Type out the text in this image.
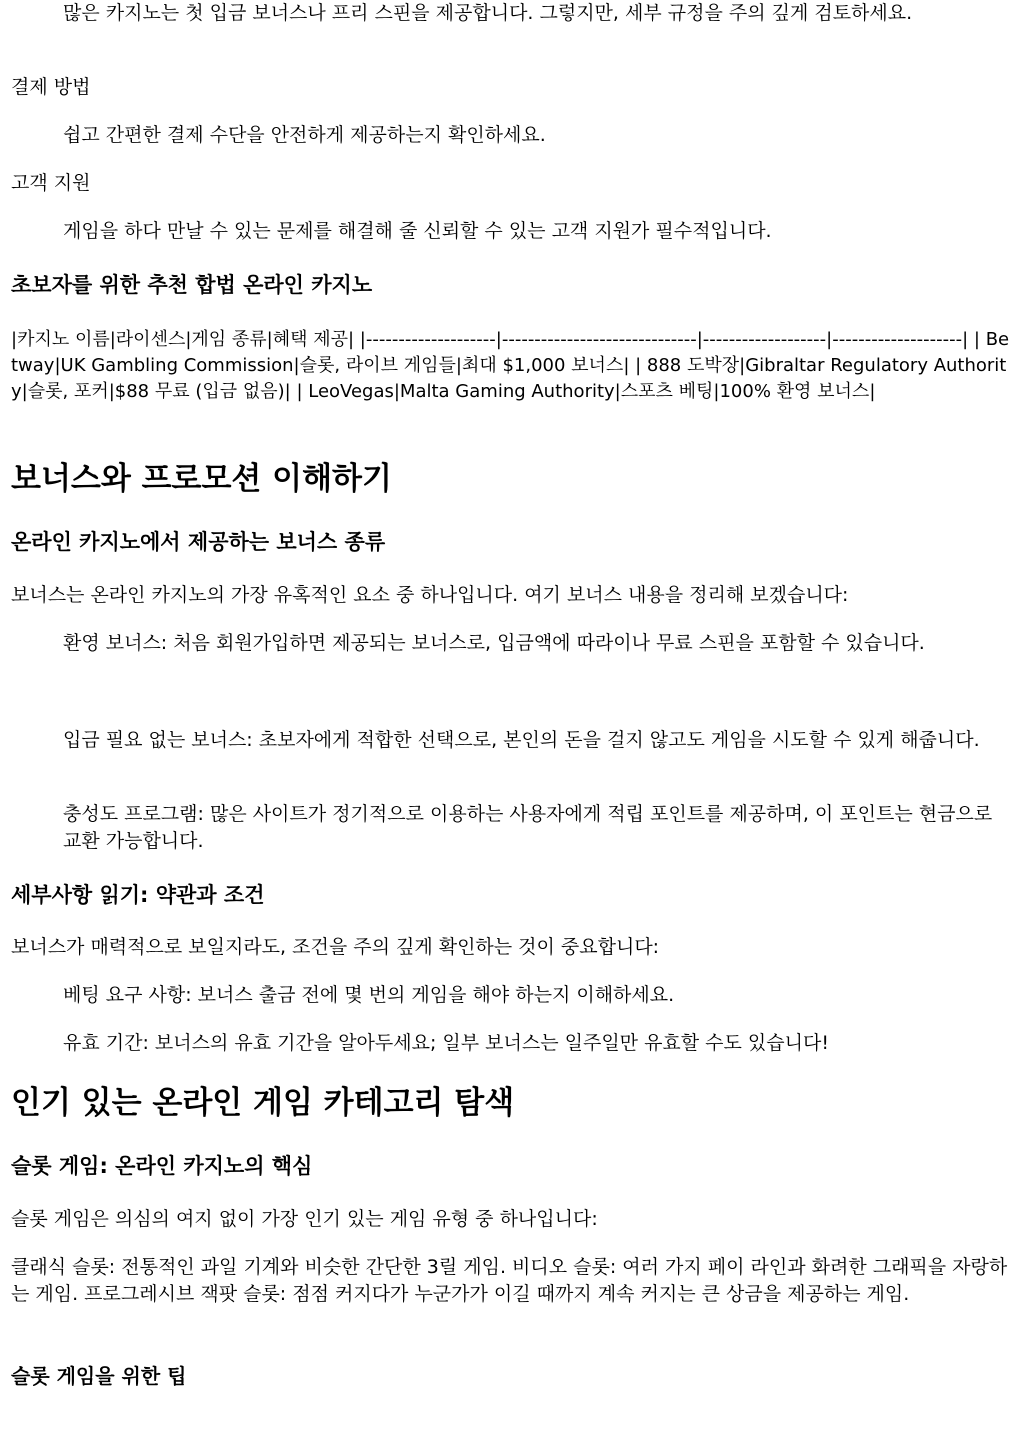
많은 카지노는 첫 입금 보너스나 프리 스핀을 제공합니다. 그렇지만, 세부 규정을 주의 깊게 검토하세요.

결제 방법

쉽고 간편한 결제 수단을 안전하게 제공하는지 확인하세요.

고객 지원

게임을 하다 만날 수 있는 문제를 해결해 줄 신뢰할 수 있는 고객 지원가 필수적입니다.

초보자를 위한 추천 합법 온라인 카지노

|카지노 이름|라이센스|게임 종류|혜택 제공| |--------------------|------------------------------|-------------------|--------------------| | Betway|UK Gambling Commission|슬롯, 라이브 게임들|최대 $1,000 보너스| | 888 도박장|Gibraltar Regulatory Authority|슬롯, 포커|$88 무료 (입금 없음)| | LeoVegas|Malta Gaming Authority|스포츠 베팅|100% 환영 보너스|

보너스와 프로모션 이해하기
온라인 카지노에서 제공하는 보너스 종류

보너스는 온라인 카지노의 가장 유혹적인 요소 중 하나입니다. 여기 보너스 내용을 정리해 보겠습니다:

환영 보너스: 처음 회원가입하면 제공되는 보너스로, 입금액에 따라이나 무료 스핀을 포함할 수 있습니다.

입금 필요 없는 보너스: 초보자에게 적합한 선택으로, 본인의 돈을 걸지 않고도 게임을 시도할 수 있게 해줍니다.

충성도 프로그램: 많은 사이트가 정기적으로 이용하는 사용자에게 적립 포인트를 제공하며, 이 포인트는 현금으로 교환 가능합니다.

세부사항 읽기: 약관과 조건

보너스가 매력적으로 보일지라도, 조건을 주의 깊게 확인하는 것이 중요합니다:

베팅 요구 사항: 보너스 출금 전에 몇 번의 게임을 해야 하는지 이해하세요.

유효 기간: 보너스의 유효 기간을 알아두세요; 일부 보너스는 일주일만 유효할 수도 있습니다!

인기 있는 온라인 게임 카테고리 탐색
슬롯 게임: 온라인 카지노의 핵심

슬롯 게임은 의심의 여지 없이 가장 인기 있는 게임 유형 중 하나입니다:

클래식 슬롯: 전통적인 과일 기계와 비슷한 간단한 3릴 게임. 비디오 슬롯: 여러 가지 페이 라인과 화려한 그래픽을 자랑하는 게임. 프로그레시브 잭팟 슬롯: 점점 커지다가 누군가가 이길 때까지 계속 커지는 큰 상금을 제공하는 게임.

슬롯 게임을 위한 팁
